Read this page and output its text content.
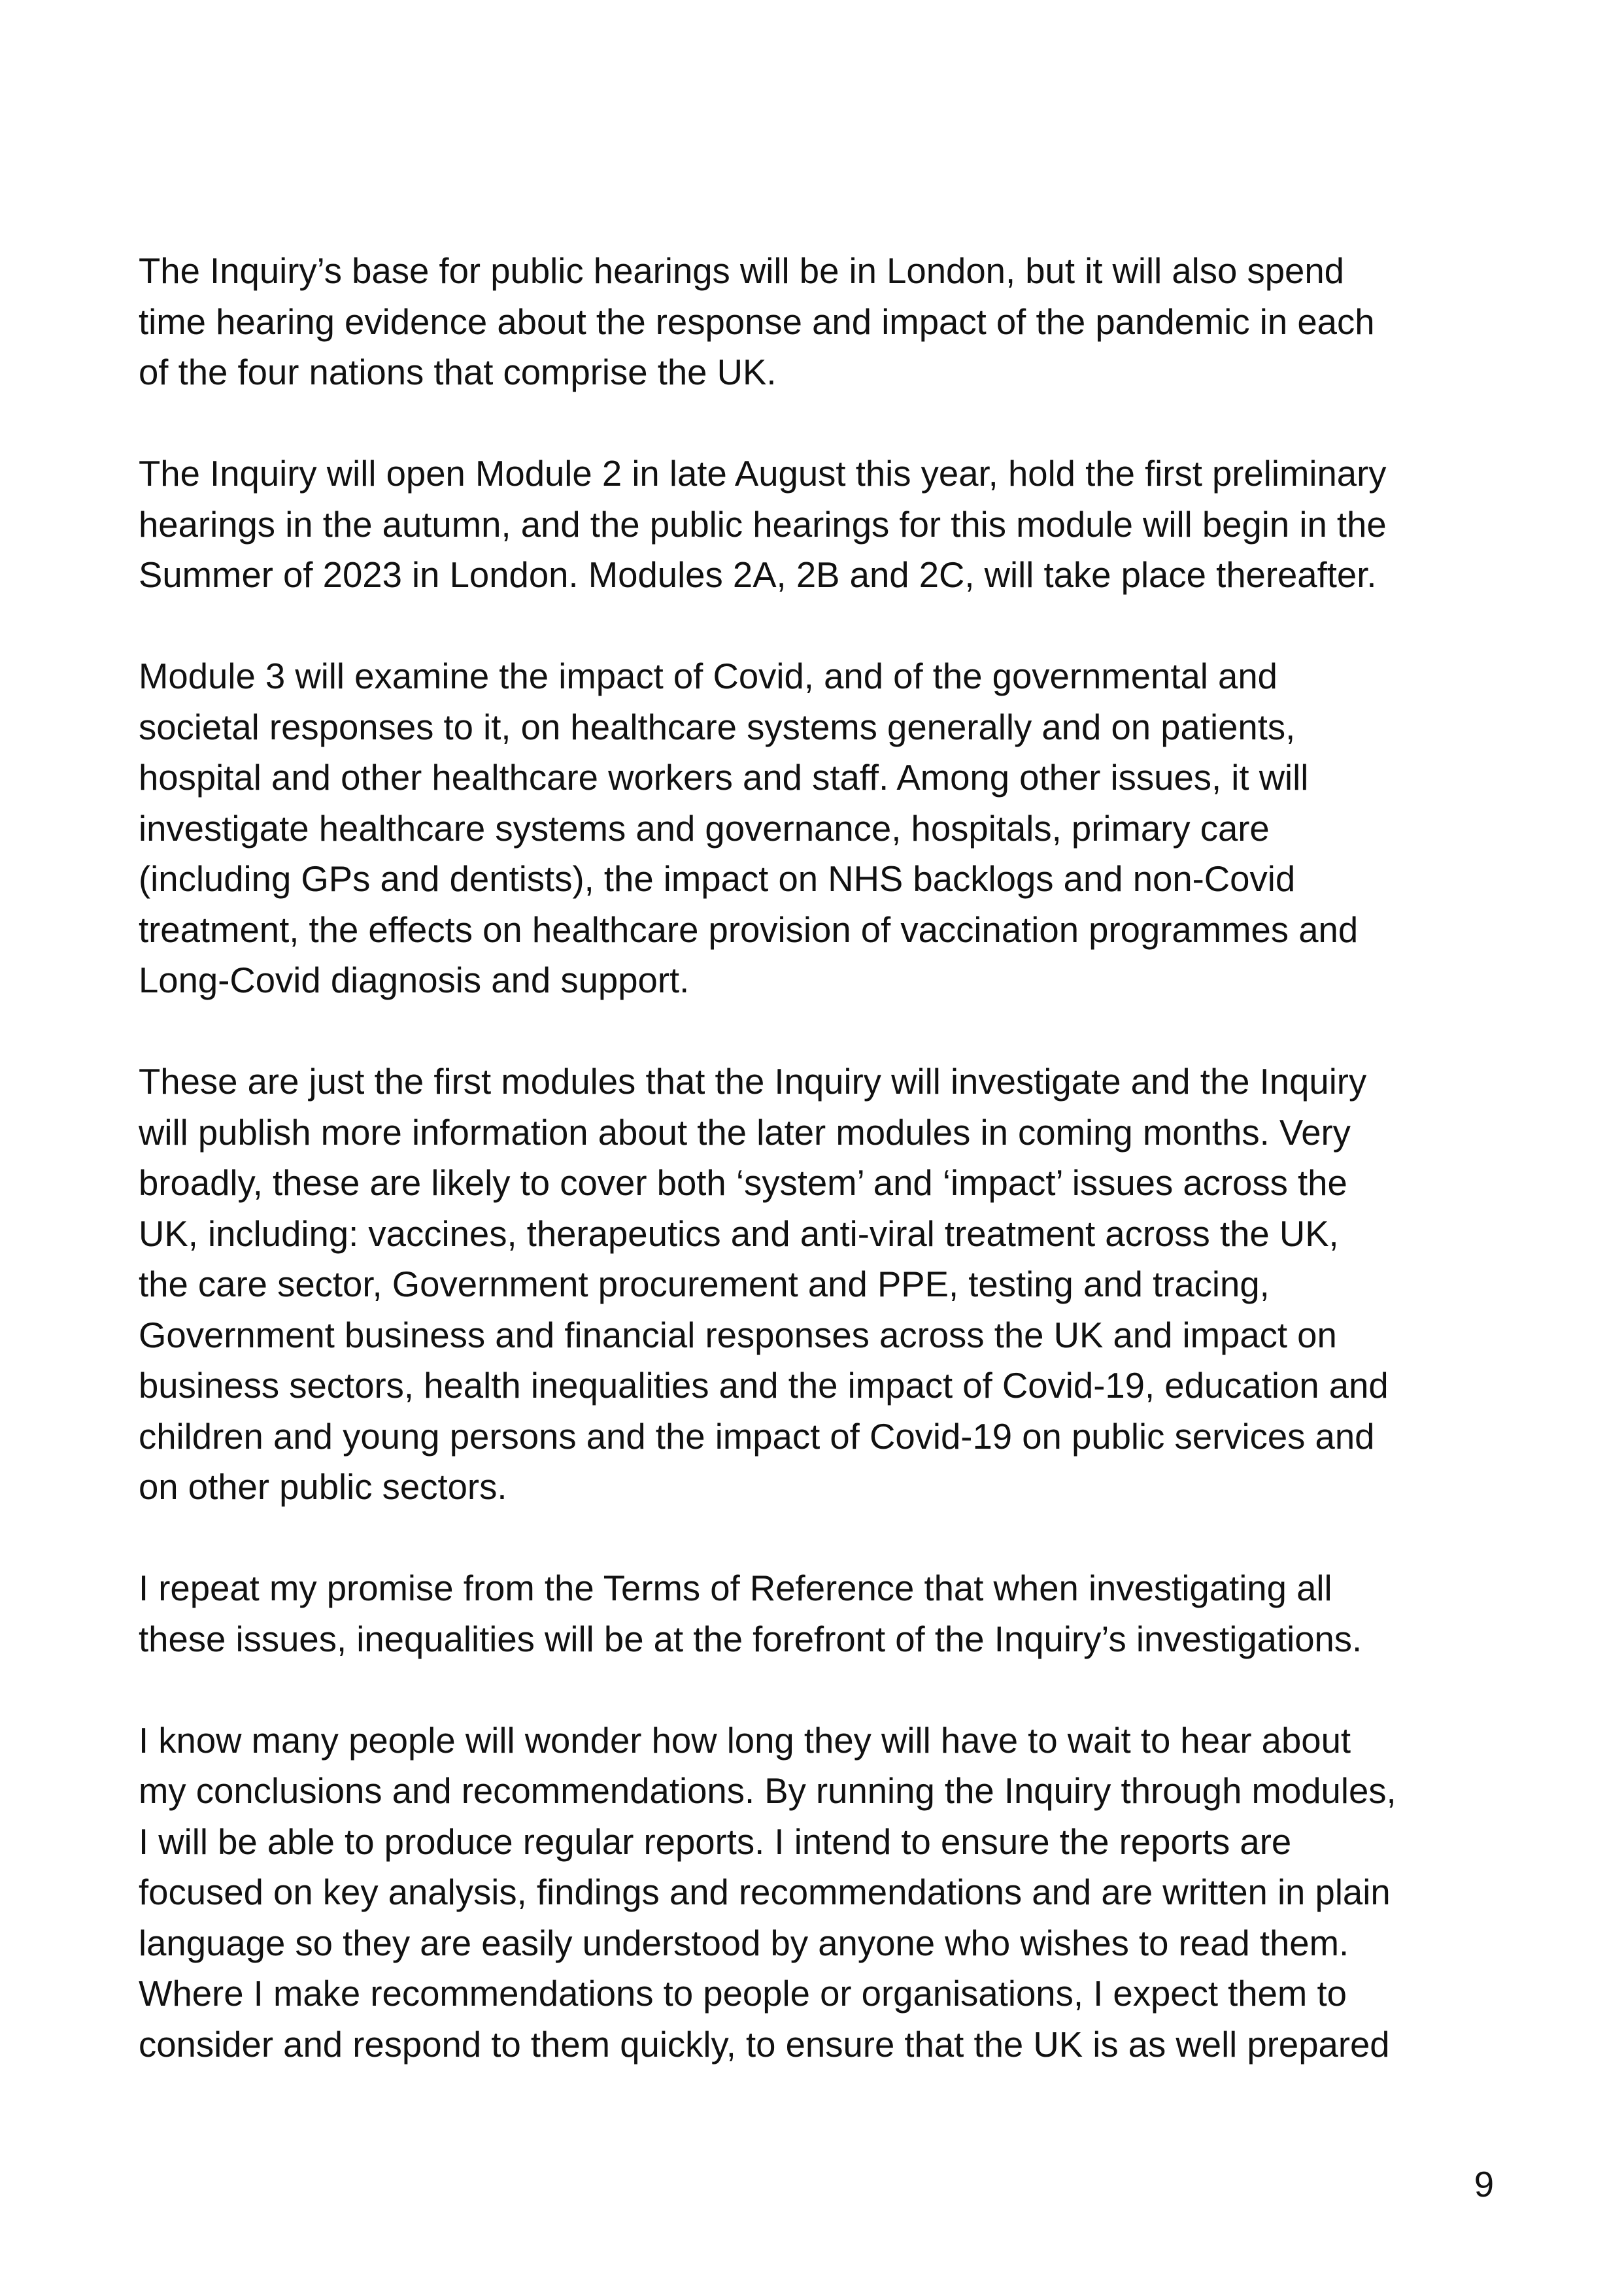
The Inquiry’s base for public hearings will be in London, but it will also spend
time hearing evidence about the response and impact of the pandemic in each
of the four nations that comprise the UK.

The Inquiry will open Module 2 in late August this year, hold the first preliminary
hearings in the autumn, and the public hearings for this module will begin in the
Summer of 2023 in London. Modules 2A, 2B and 2C, will take place thereafter.

Module 3 will examine the impact of Covid, and of the governmental and
societal responses to it, on healthcare systems generally and on patients,
hospital and other healthcare workers and staff. Among other issues, it will
investigate healthcare systems and governance, hospitals, primary care
(including GPs and dentists), the impact on NHS backlogs and non-Covid
treatment, the effects on healthcare provision of vaccination programmes and
Long-Covid diagnosis and support.

These are just the first modules that the Inquiry will investigate and the Inquiry
will publish more information about the later modules in coming months. Very
broadly, these are likely to cover both ‘system’ and ‘impact’ issues across the
UK, including: vaccines, therapeutics and anti-viral treatment across the UK,
the care sector, Government procurement and PPE, testing and tracing,
Government business and financial responses across the UK and impact on
business sectors, health inequalities and the impact of Covid-19, education and
children and young persons and the impact of Covid-19 on public services and
on other public sectors.

I repeat my promise from the Terms of Reference that when investigating all
these issues, inequalities will be at the forefront of the Inquiry’s investigations.

I know many people will wonder how long they will have to wait to hear about
my conclusions and recommendations. By running the Inquiry through modules,
I will be able to produce regular reports. I intend to ensure the reports are
focused on key analysis, findings and recommendations and are written in plain
language so they are easily understood by anyone who wishes to read them.
Where I make recommendations to people or organisations, I expect them to
consider and respond to them quickly, to ensure that the UK is as well prepared

9
